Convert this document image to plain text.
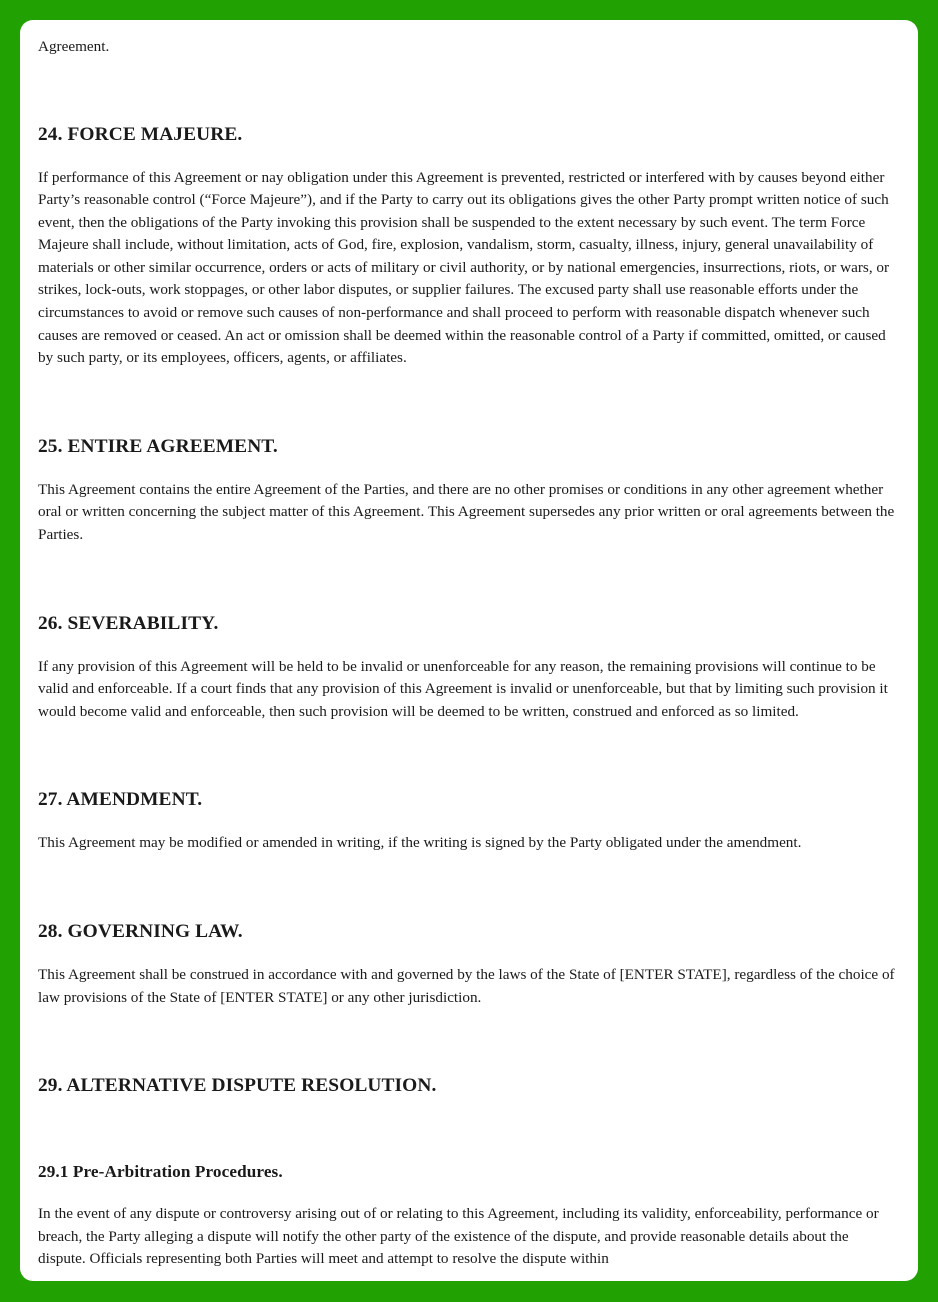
Agreement.

24. FORCE MAJEURE.

If performance of this Agreement or nay obligation under this Agreement is prevented, restricted or interfered with by causes beyond either Party’s reasonable control (“Force Majeure”), and if the Party to carry out its obligations gives the other Party prompt written notice of such event, then the obligations of the Party invoking this provision shall be suspended to the extent necessary by such event. The term Force Majeure shall include, without limitation, acts of God, fire, explosion, vandalism, storm, casualty, illness, injury, general unavailability of materials or other similar occurrence, orders or acts of military or civil authority, or by national emergencies, insurrections, riots, or wars, or strikes, lock-outs, work stoppages, or other labor disputes, or supplier failures. The excused party shall use reasonable efforts under the circumstances to avoid or remove such causes of non-performance and shall proceed to perform with reasonable dispatch whenever such causes are removed or ceased. An act or omission shall be deemed within the reasonable control of a Party if committed, omitted, or caused by such party, or its employees, officers, agents, or affiliates.

25. ENTIRE AGREEMENT.

This Agreement contains the entire Agreement of the Parties, and there are no other promises or conditions in any other agreement whether oral or written concerning the subject matter of this Agreement. This Agreement supersedes any prior written or oral agreements between the Parties.

26. SEVERABILITY.

If any provision of this Agreement will be held to be invalid or unenforceable for any reason, the remaining provisions will continue to be valid and enforceable. If a court finds that any provision of this Agreement is invalid or unenforceable, but that by limiting such provision it would become valid and enforceable, then such provision will be deemed to be written, construed and enforced as so limited.

27. AMENDMENT.

This Agreement may be modified or amended in writing, if the writing is signed by the Party obligated under the amendment.

28. GOVERNING LAW.

This Agreement shall be construed in accordance with and governed by the laws of the State of [ENTER STATE], regardless of the choice of law provisions of the State of [ENTER STATE] or any other jurisdiction.

29. ALTERNATIVE DISPUTE RESOLUTION.
29.1 Pre-Arbitration Procedures.

In the event of any dispute or controversy arising out of or relating to this Agreement, including its validity, enforceability, performance or breach, the Party alleging a dispute will notify the other party of the existence of the dispute, and provide reasonable details about the dispute. Officials representing both Parties will meet and attempt to resolve the dispute within
